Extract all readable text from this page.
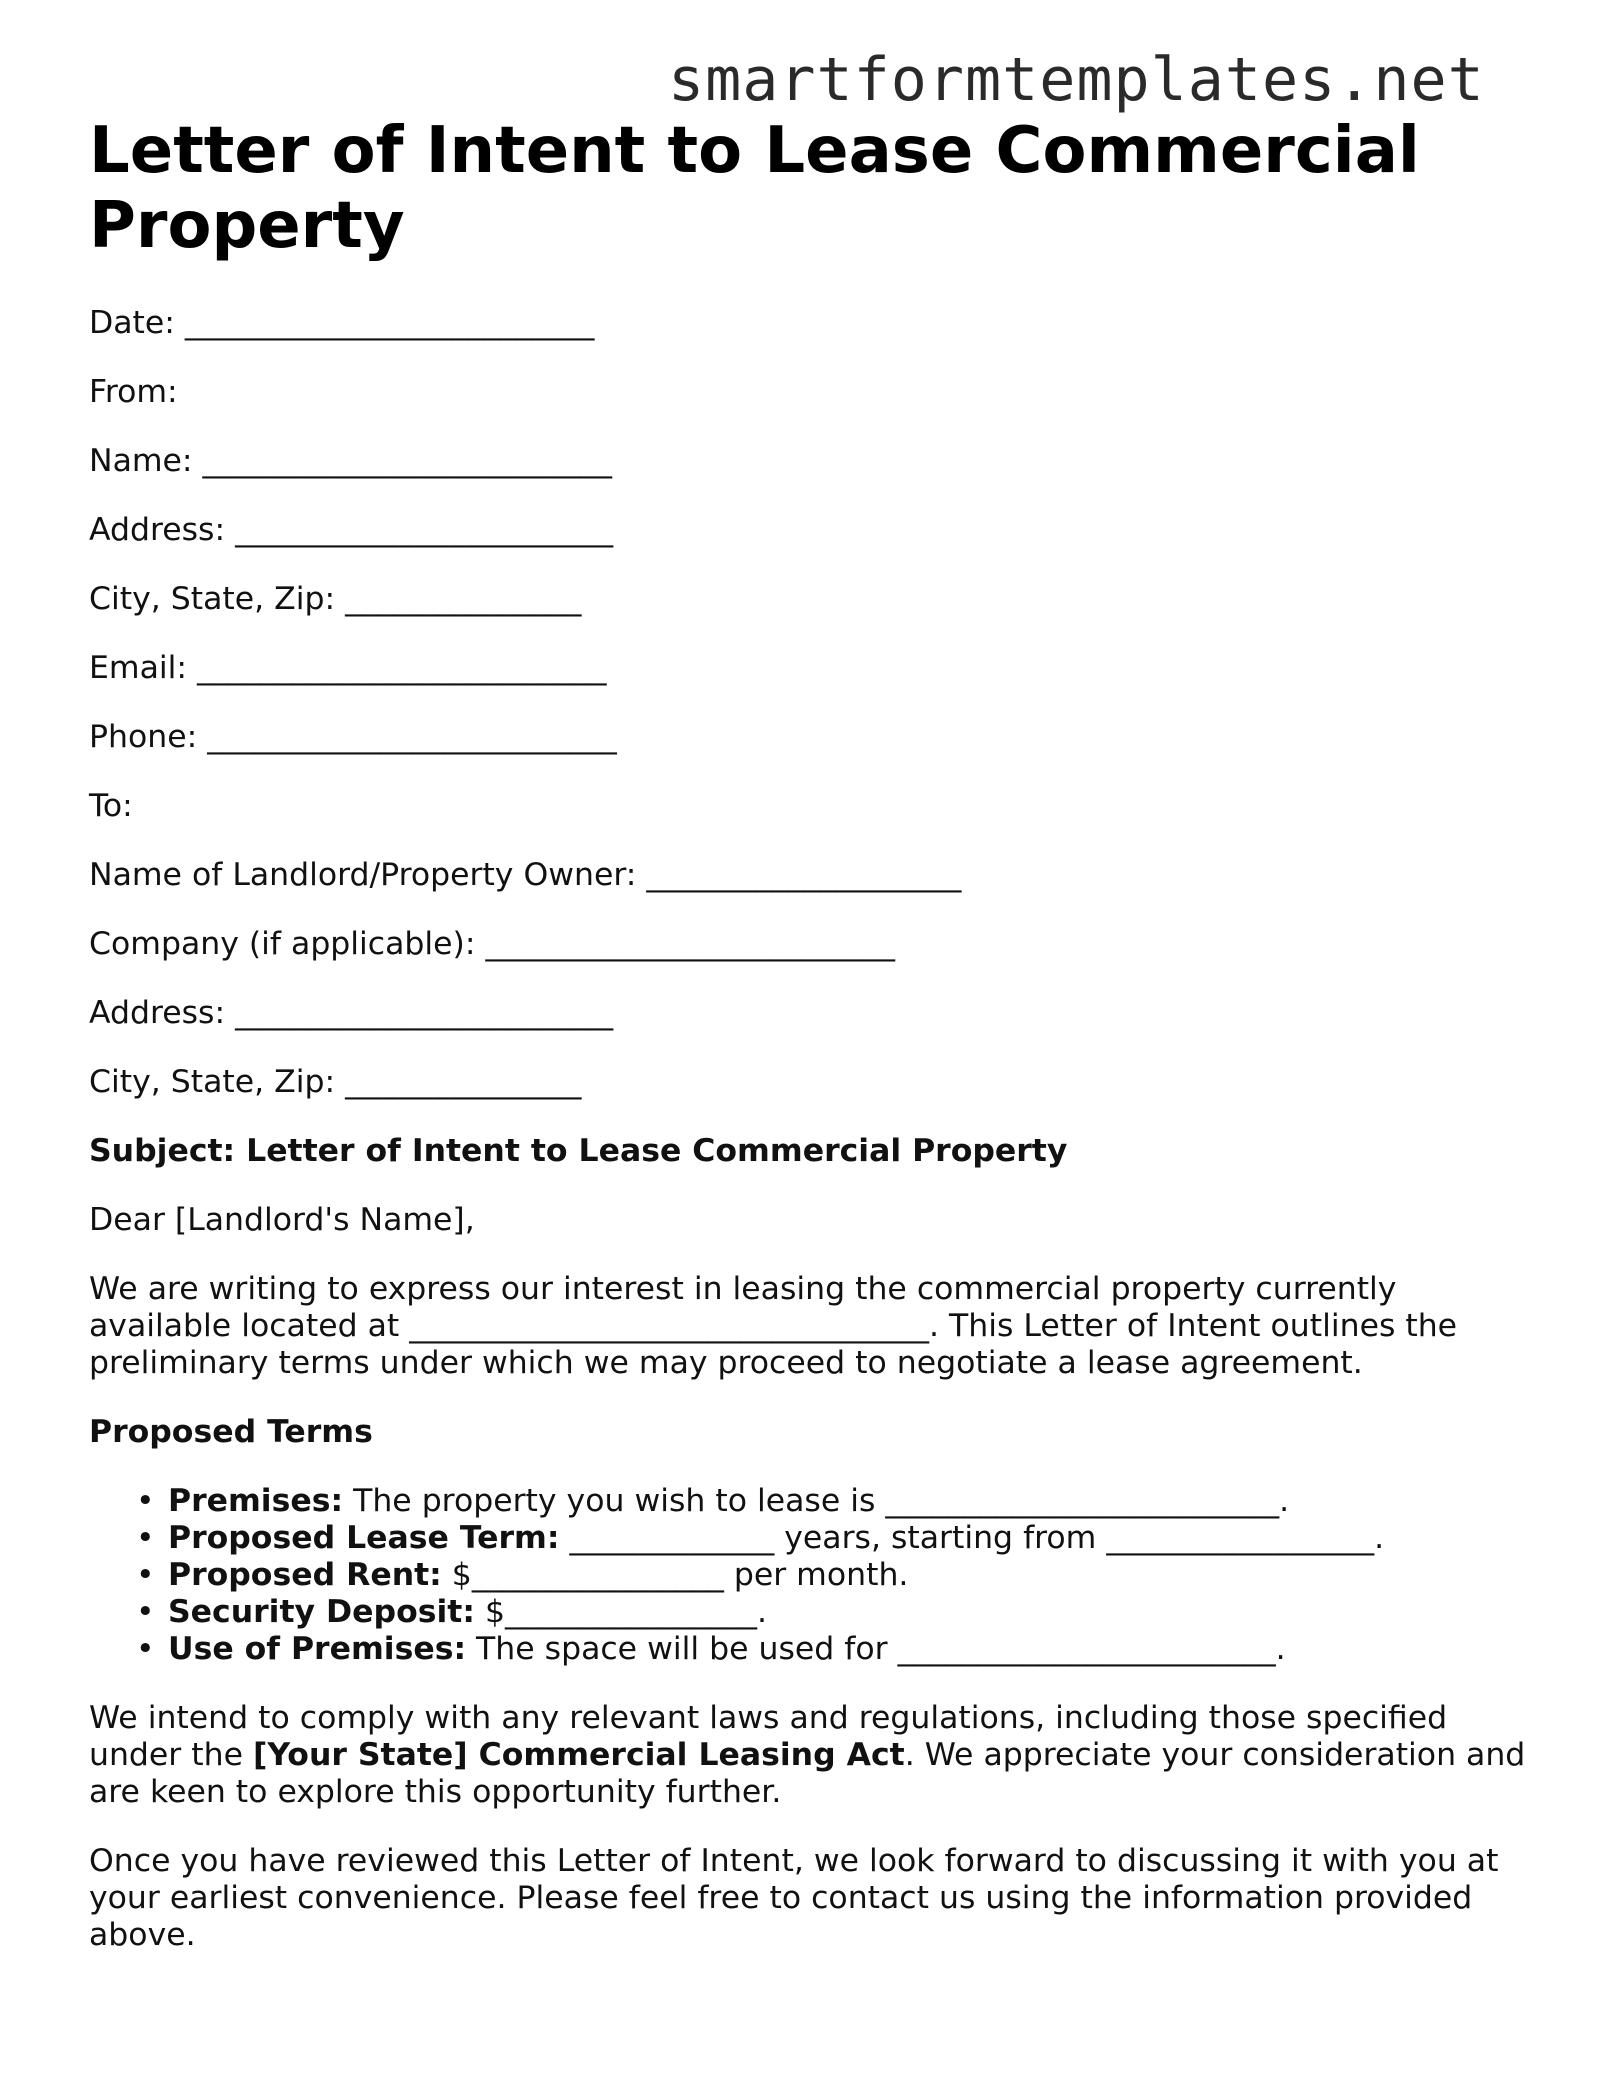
smartformtemplates.net
Letter of Intent to Lease Commercial Property
Date: __________________________
From:
Name: __________________________
Address: ________________________
City, State, Zip: _______________
Email: __________________________
Phone: __________________________
To:
Name of Landlord/Property Owner: ____________________
Company (if applicable): __________________________
Address: ________________________
City, State, Zip: _______________
Subject: Letter of Intent to Lease Commercial Property
Dear [Landlord's Name],

We are writing to express our interest in leasing the commercial property currently available located at _________________________________. This Letter of Intent outlines the preliminary terms under which we may proceed to negotiate a lease agreement.

Proposed Terms
• Premises: The property you wish to lease is _________________________.
• Proposed Lease Term: _____________ years, starting from _________________.
• Proposed Rent: $________________ per month.
• Security Deposit: $________________.
• Use of Premises: The space will be used for ________________________.

We intend to comply with any relevant laws and regulations, including those specified under the [Your State] Commercial Leasing Act. We appreciate your consideration and are keen to explore this opportunity further.

Once you have reviewed this Letter of Intent, we look forward to discussing it with you at your earliest convenience. Please feel free to contact us using the information provided above.
